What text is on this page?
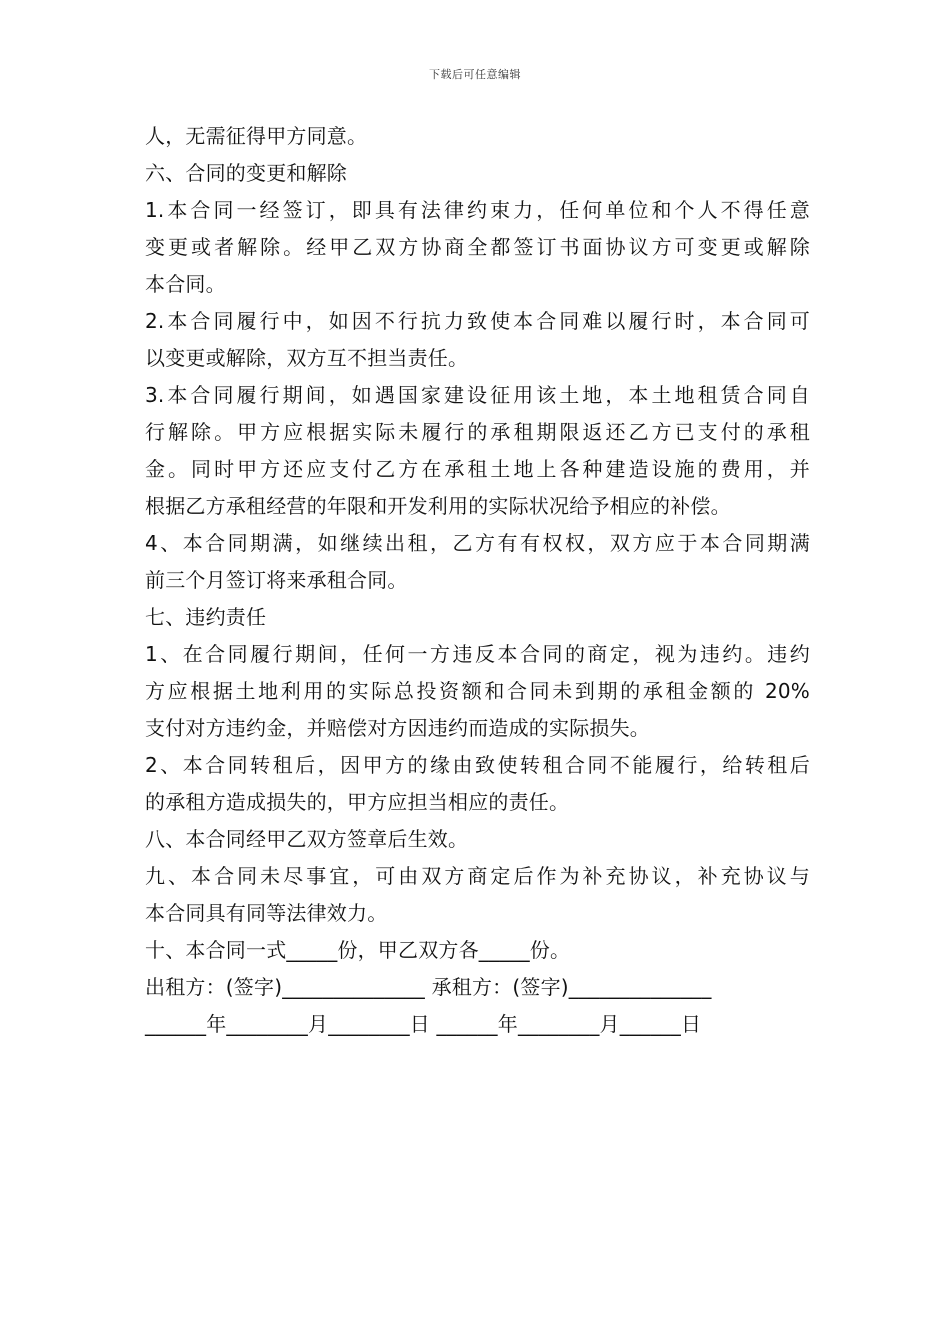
下载后可任意编辑
人，无需征得甲方同意。
六、合同的变更和解除
1.本合同一经签订，即具有法律约束力，任何单位和个人不得任意
变更或者解除。经甲乙双方协商全都签订书面协议方可变更或解除
本合同。
2.本合同履行中，如因不行抗力致使本合同难以履行时，本合同可
以变更或解除，双方互不担当责任。
3.本合同履行期间，如遇国家建设征用该土地，本土地租赁合同自
行解除。甲方应根据实际未履行的承租期限返还乙方已支付的承租
金。同时甲方还应支付乙方在承租土地上各种建造设施的费用，并
根据乙方承租经营的年限和开发利用的实际状况给予相应的补偿。
4、本合同期满，如继续出租，乙方有有权权，双方应于本合同期满
前三个月签订将来承租合同。
七、违约责任
1、在合同履行期间，任何一方违反本合同的商定，视为违约。违约
方应根据土地利用的实际总投资额和合同未到期的承租金额的 20%
支付对方违约金，并赔偿对方因违约而造成的实际损失。
2、本合同转租后，因甲方的缘由致使转租合同不能履行，给转租后
的承租方造成损失的，甲方应担当相应的责任。
八、本合同经甲乙双方签章后生效。
九、本合同未尽事宜，可由双方商定后作为补充协议，补充协议与
本合同具有同等法律效力。
十、本合同一式_____份，甲乙双方各_____份。
出租方：(签字)______________ 承租方：(签字)______________
______年________月________日 ______年________月______日
